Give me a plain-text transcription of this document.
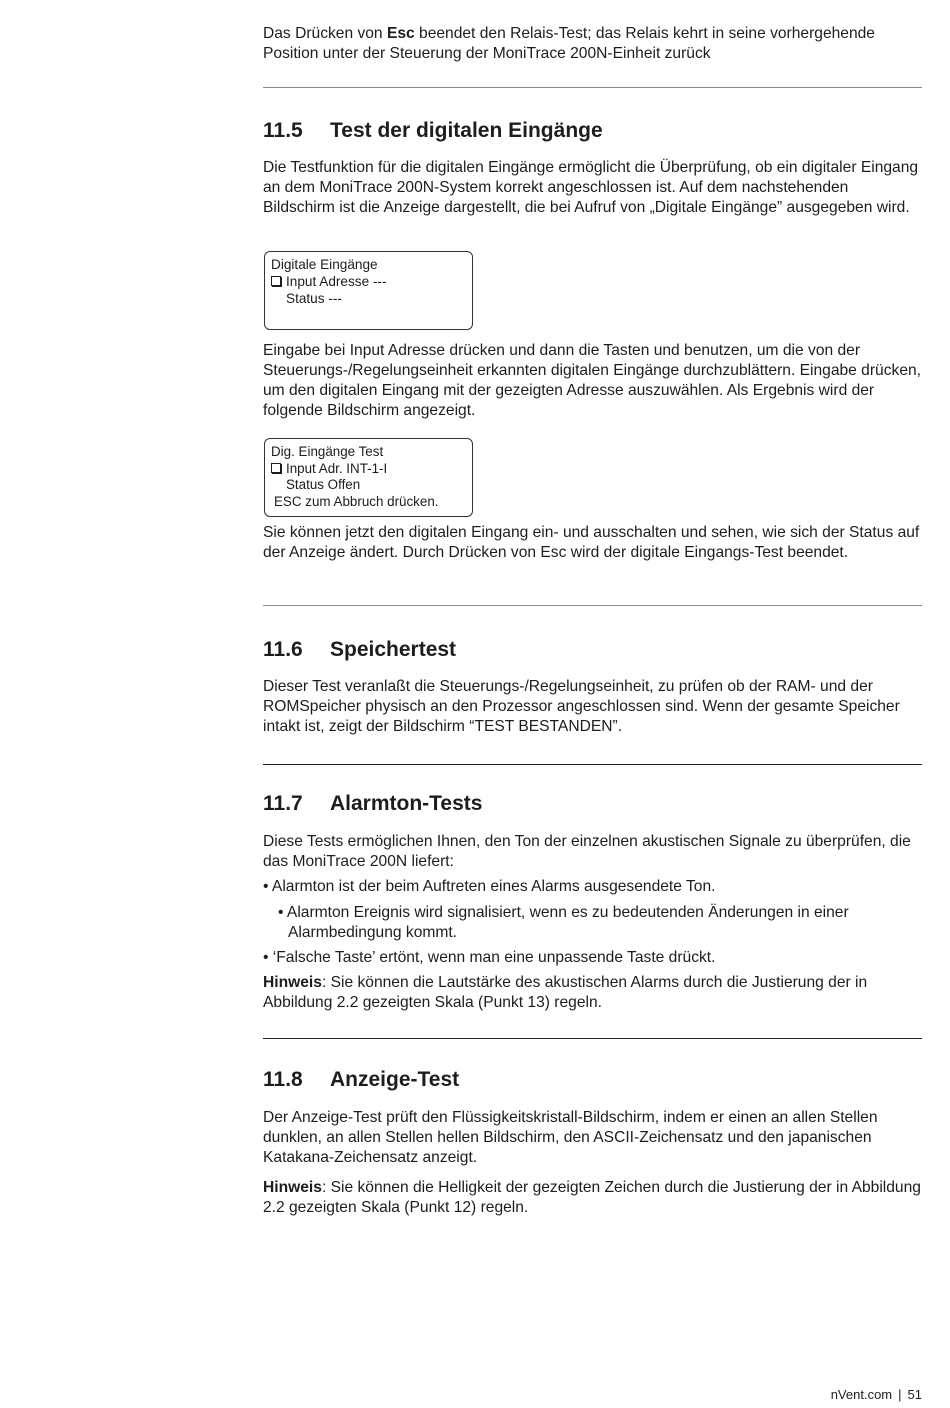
Das Drücken von Esc beendet den Relais-Test; das Relais kehrt in seine vorhergehende Position unter der Steuerung der MoniTrace 200N-Einheit zurück

11.5 Test der digitalen Eingänge

Die Testfunktion für die digitalen Eingänge ermöglicht die Überprüfung, ob ein digitaler Eingang an dem MoniTrace 200N-System korrekt angeschlossen ist. Auf dem nachstehenden Bildschirm ist die Anzeige dargestellt, die bei Aufruf von „Digitale Eingänge” ausgegeben wird.

Digitale Eingänge
Input Adresse ---
Status ---

Eingabe bei Input Adresse drücken und dann die Tasten und benutzen, um die von der Steuerungs-/Regelungseinheit erkannten digitalen Eingänge durchzublättern. Eingabe drücken, um den digitalen Eingang mit der gezeigten Adresse auszuwählen. Als Ergebnis wird der folgende Bildschirm angezeigt.

Dig. Eingänge Test
Input Adr. INT-1-I
Status Offen
ESC zum Abbruch drücken.

Sie können jetzt den digitalen Eingang ein- und ausschalten und sehen, wie sich der Status auf der Anzeige ändert. Durch Drücken von Esc wird der digitale Eingangs-Test beendet.

11.6 Speichertest

Dieser Test veranlaßt die Steuerungs-/Regelungseinheit, zu prüfen ob der RAM- und der ROMSpeicher physisch an den Prozessor angeschlossen sind. Wenn der gesamte Speicher intakt ist, zeigt der Bildschirm “TEST BESTANDEN”.

11.7 Alarmton-Tests

Diese Tests ermöglichen Ihnen, den Ton der einzelnen akustischen Signale zu überprüfen, die das MoniTrace 200N liefert:

• Alarmton ist der beim Auftreten eines Alarms ausgesendete Ton.

• Alarmton Ereignis wird signalisiert, wenn es zu bedeutenden Änderungen in einer Alarmbedingung kommt.

• ‘Falsche Taste’ ertönt, wenn man eine unpassende Taste drückt.

Hinweis: Sie können die Lautstärke des akustischen Alarms durch die Justierung der in Abbildung 2.2 gezeigten Skala (Punkt 13) regeln.

11.8 Anzeige-Test

Der Anzeige-Test prüft den Flüssigkeitskristall-Bildschirm, indem er einen an allen Stellen dunklen, an allen Stellen hellen Bildschirm, den ASCII-Zeichensatz und den japanischen Katakana-Zeichensatz anzeigt.

Hinweis: Sie können die Helligkeit der gezeigten Zeichen durch die Justierung der in Abbildung 2.2 gezeigten Skala (Punkt 12) regeln.

nVent.com | 51
